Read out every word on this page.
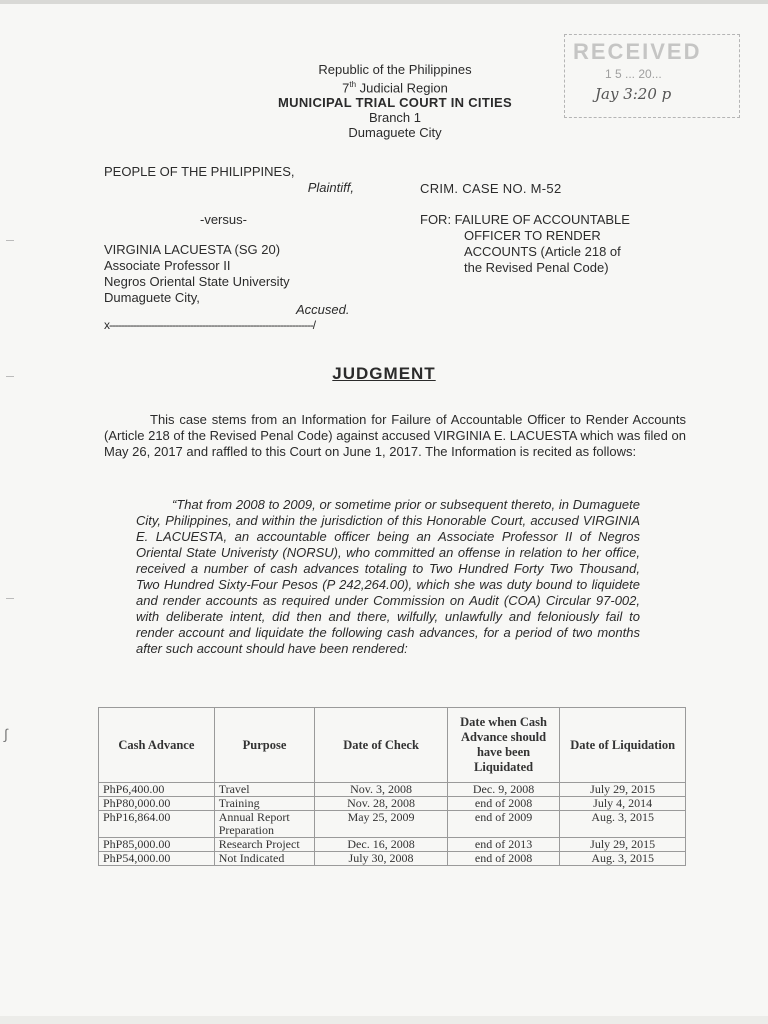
Republic of the Philippines
7th Judicial Region
MUNICIPAL TRIAL COURT IN CITIES
Branch 1
Dumaguete City
RECEIVED
1 5 ... 20...
Jay 3:20 p
PEOPLE OF THE PHILIPPINES,
Plaintiff,
-versus-
VIRGINIA LACUESTA (SG 20)
Associate Professor II
Negros Oriental State University
Dumaguete City,
Accused.
x--------------------------------------------------------------------/
CRIM. CASE NO. M-52
FOR: FAILURE OF ACCOUNTABLE
OFFICER TO RENDER
ACCOUNTS (Article 218 of
the Revised Penal Code)
JUDGMENT
This case stems from an Information for Failure of Accountable Officer to Render Accounts (Article 218 of the Revised Penal Code) against accused VIRGINIA E. LACUESTA which was filed on May 26, 2017 and raffled to this Court on June 1, 2017. The Information is recited as follows:
“That from 2008 to 2009, or sometime prior or subsequent thereto, in Dumaguete City, Philippines, and within the jurisdiction of this Honorable Court, accused VIRGINIA E. LACUESTA, an accountable officer being an Associate Professor II of Negros Oriental State Univeristy (NORSU), who committed an offense in relation to her office, received a number of cash advances totaling to Two Hundred Forty Two Thousand, Two Hundred Sixty-Four Pesos (P 242,264.00), which she was duty bound to liquidete and render accounts as required under Commission on Audit (COA) Circular 97-002, with deliberate intent, did then and there, wilfully, unlawfully and feloniously fail to render account and liquidate the following cash advances, for a period of two months after such account should have been rendered:
Cash Advance	Purpose	Date of Check	Date when Cash Advance should have been Liquidated	Date of Liquidation
PhP6,400.00	Travel	Nov. 3, 2008	Dec. 9, 2008	July 29, 2015
PhP80,000.00	Training	Nov. 28, 2008	end of 2008	July 4, 2014
PhP16,864.00	Annual Report Preparation	May 25, 2009	end of 2009	Aug. 3, 2015
PhP85,000.00	Research Project	Dec. 16, 2008	end of 2013	July 29, 2015
PhP54,000.00	Not Indicated	July 30, 2008	end of 2008	Aug. 3, 2015
∫
